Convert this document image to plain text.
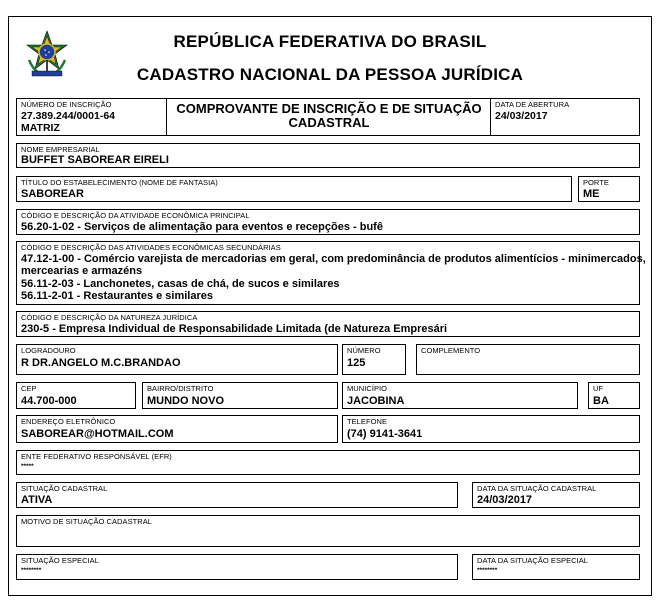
REPÚBLICA FEDERATIVA DO BRASIL
CADASTRO NACIONAL DA PESSOA JURÍDICA
NÚMERO DE INSCRIÇÃO
27.389.244/0001-64
MATRIZ
COMPROVANTE DE INSCRIÇÃO E DE SITUAÇÃO
CADASTRAL
DATA DE ABERTURA
24/03/2017
NOME EMPRESARIAL
BUFFET SABOREAR EIRELI
TÍTULO DO ESTABELECIMENTO (NOME DE FANTASIA)
SABOREAR
PORTE
ME
CÓDIGO E DESCRIÇÃO DA ATIVIDADE ECONÔMICA PRINCIPAL
56.20-1-02 - Serviços de alimentação para eventos e recepções - bufê
CÓDIGO E DESCRIÇÃO DAS ATIVIDADES ECONÔMICAS SECUNDÁRIAS
47.12-1-00 - Comércio varejista de mercadorias em geral, com predominância de produtos alimentícios - minimercados,
mercearias e armazéns
56.11-2-03 - Lanchonetes, casas de chá, de sucos e similares
56.11-2-01 - Restaurantes e similares
CÓDIGO E DESCRIÇÃO DA NATUREZA JURÍDICA
230-5 - Empresa Individual de Responsabilidade Limitada (de Natureza Empresári
LOGRADOURO
R DR.ANGELO M.C.BRANDAO
NÚMERO
125
COMPLEMENTO
CEP
44.700-000
BAIRRO/DISTRITO
MUNDO NOVO
MUNICÍPIO
JACOBINA
UF
BA
ENDEREÇO ELETRÔNICO
SABOREAR@HOTMAIL.COM
TELEFONE
(74) 9141-3641
ENTE FEDERATIVO RESPONSÁVEL (EFR)
*****
SITUAÇÃO CADASTRAL
ATIVA
DATA DA SITUAÇÃO CADASTRAL
24/03/2017
MOTIVO DE SITUAÇÃO CADASTRAL
SITUAÇÃO ESPECIAL
********
DATA DA SITUAÇÃO ESPECIAL
********
